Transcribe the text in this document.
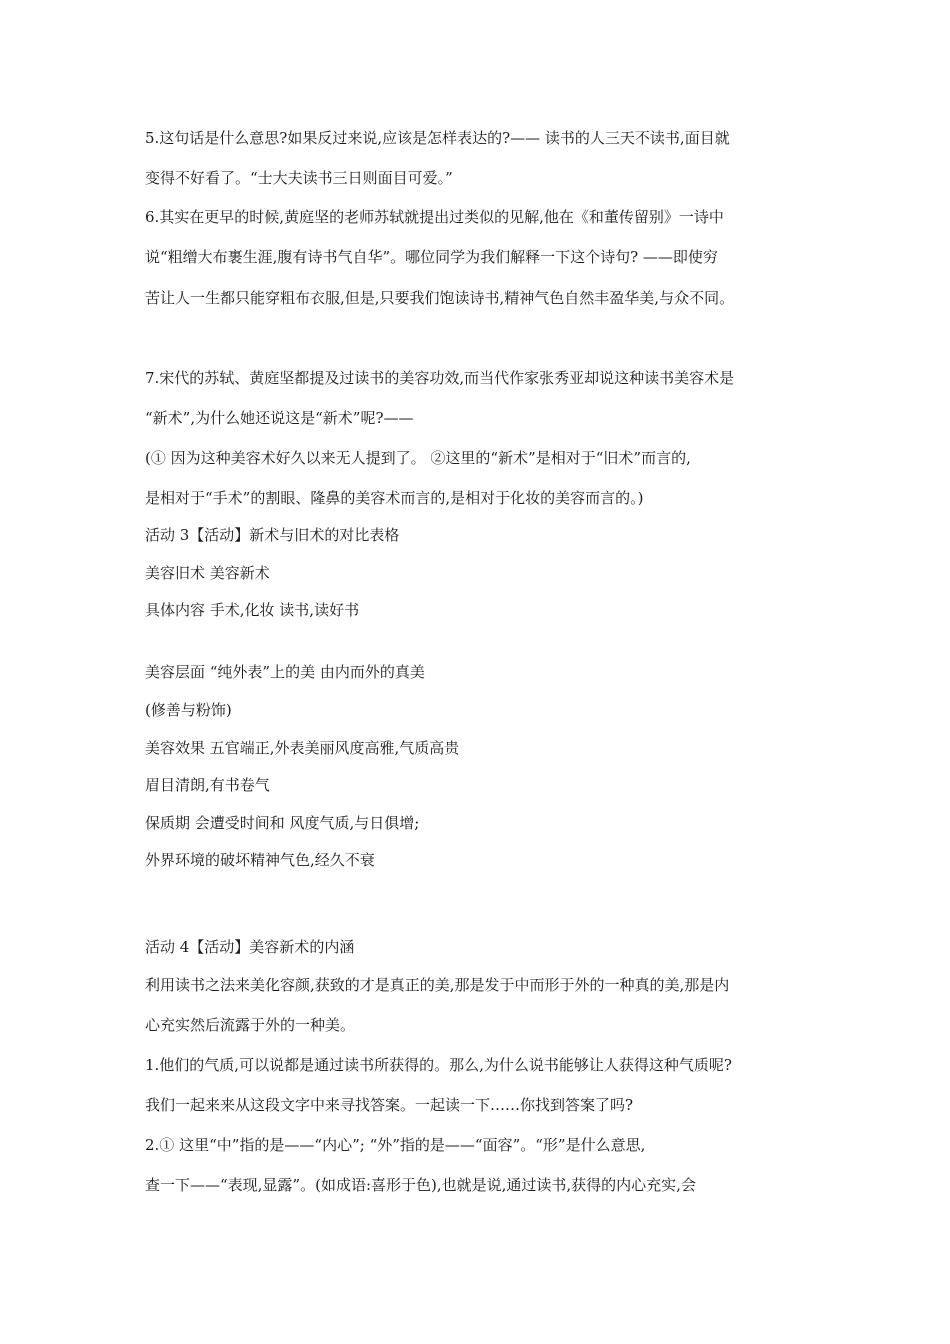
5.这句话是什么意思?如果反过来说,应该是怎样表达的?—— 读书的人三天不读书,面目就
变得不好看了。“士大夫读书三日则面目可爱。”
6.其实在更早的时候,黄庭坚的老师苏轼就提出过类似的见解,他在《和董传留别》一诗中
说“粗缯大布裹生涯,腹有诗书气自华”。哪位同学为我们解释一下这个诗句? ——即使穷
苦让人一生都只能穿粗布衣服,但是,只要我们饱读诗书,精神气色自然丰盈华美,与众不同。
7.宋代的苏轼、黄庭坚都提及过读书的美容功效,而当代作家张秀亚却说这种读书美容术是
“新术”,为什么她还说这是“新术”呢?——
(① 因为这种美容术好久以来无人提到了。 ②这里的“新术”是相对于“旧术”而言的,
是相对于“手术”的割眼、隆鼻的美容术而言的,是相对于化妆的美容而言的。)
活动 3【活动】新术与旧术的对比表格
美容旧术 美容新术
具体内容 手术,化妆 读书,读好书
美容层面 “纯外表”上的美 由内而外的真美
(修善与粉饰)
美容效果 五官端正,外表美丽风度高雅,气质高贵
眉目清朗,有书卷气
保质期 会遭受时间和 风度气质,与日俱增;
外界环境的破坏精神气色,经久不衰
活动 4【活动】美容新术的内涵
利用读书之法来美化容颜,获致的才是真正的美,那是发于中而形于外的一种真的美,那是内
心充实然后流露于外的一种美。
1.他们的气质,可以说都是通过读书所获得的。那么,为什么说书能够让人获得这种气质呢?
我们一起来来从这段文字中来寻找答案。一起读一下……你找到答案了吗?
2.① 这里“中”指的是——“内心”; “外”指的是——“面容”。“形”是什么意思,
查一下——“表现,显露”。(如成语:喜形于色),也就是说,通过读书,获得的内心充实,会
